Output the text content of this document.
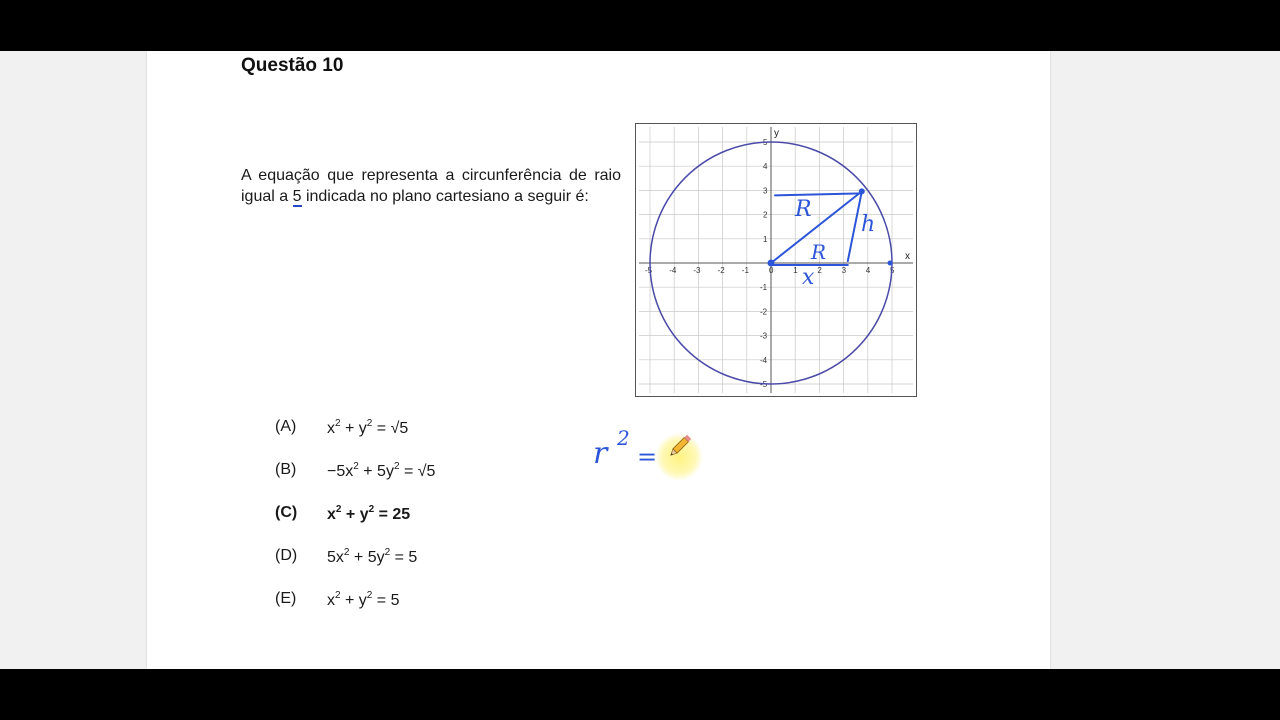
Questão 10
A equação que representa a circunferência de raio igual a 5 indicada no plano cartesiano a seguir é:
-5 -4 -3 -2 -1	0 1 2 3 4 5
5
4
3
2
1
-1
-2
-3
-4
-5
x
y
R
h
R
x
(A) $x^2 + y^2 = √5$
$(B) -5x^2 + 5y^2 = √5$
(C) $x^2 + y^2 = 25$
(D) $5x^2 + 5y^2 = 5$
(E) $x^2 + y^2 = 5$
r 2
=
